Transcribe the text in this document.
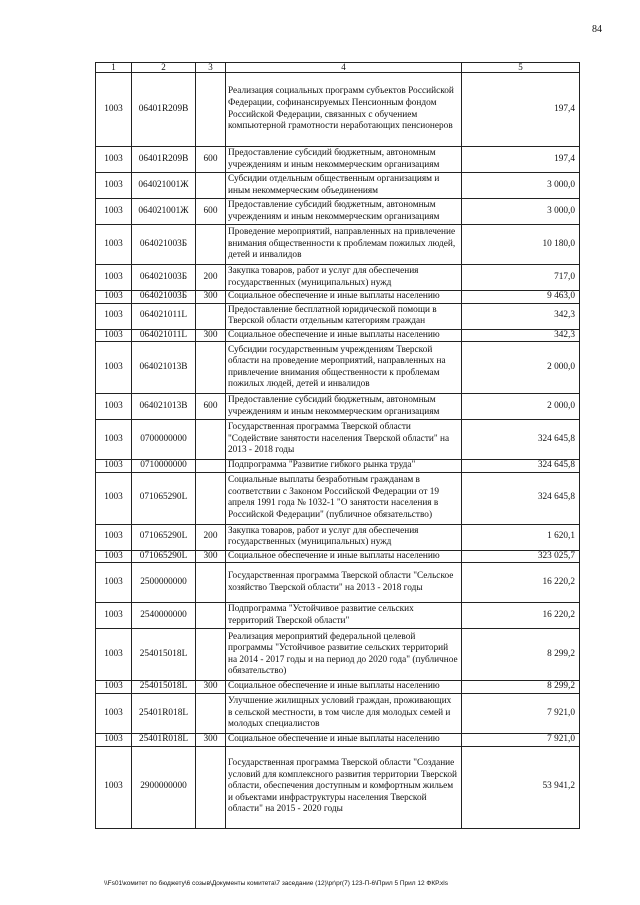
84
1	2	3	4	5
1003	06401R209В		Реализация социальных программ субъектов Российской Федерации, софинансируемых Пенсионным фондом Российской Федерации, связанных с обучением компьютерной грамотности неработающих пенсионеров	197,4
1003	06401R209В	600	Предоставление субсидий бюджетным, автономным учреждениям и иным некоммерческим организациям	197,4
1003	064021001Ж		Субсидии отдельным общественным организациям и иным некоммерческим объединениям	3 000,0
1003	064021001Ж	600	Предоставление субсидий бюджетным, автономным учреждениям и иным некоммерческим организациям	3 000,0
1003	064021003Б		Проведение мероприятий, направленных на привлечение внимания общественности к проблемам пожилых людей, детей и инвалидов	10 180,0
1003	064021003Б	200	Закупка товаров, работ и услуг для обеспечения государственных (муниципальных) нужд	717,0
1003	064021003Б	300	Социальное обеспечение и иные выплаты населению	9 463,0
1003	064021011L		Предоставление бесплатной юридической помощи в Тверской области отдельным категориям граждан	342,3
1003	064021011L	300	Социальное обеспечение и иные выплаты населению	342,3
1003	064021013В		Субсидии государственным учреждениям Тверской области на проведение мероприятий, направленных на привлечение внимания общественности к проблемам пожилых людей, детей и инвалидов	2 000,0
1003	064021013В	600	Предоставление субсидий бюджетным, автономным учреждениям и иным некоммерческим организациям	2 000,0
1003	0700000000		Государственная программа Тверской области "Содействие занятости населения Тверской области" на 2013 - 2018 годы	324 645,8
1003	0710000000		Подпрограмма "Развитие гибкого рынка труда"	324 645,8
1003	071065290L		Социальные выплаты безработным гражданам в соответствии с Законом Российской Федерации от 19 апреля 1991 года № 1032-1 "О занятости населения в Российской Федерации" (публичное обязательство)	324 645,8
1003	071065290L	200	Закупка товаров, работ и услуг для обеспечения государственных (муниципальных) нужд	1 620,1
1003	071065290L	300	Социальное обеспечение и иные выплаты населению	323 025,7
1003	2500000000		Государственная программа Тверской области "Сельское хозяйство Тверской области" на 2013 - 2018 годы	16 220,2
1003	2540000000		Подпрограмма "Устойчивое развитие сельских территорий Тверской области"	16 220,2
1003	254015018L		Реализация мероприятий федеральной целевой программы "Устойчивое развитие сельских территорий на 2014 - 2017 годы и на период до 2020 года" (публичное обязательство)	8 299,2
1003	254015018L	300	Социальное обеспечение и иные выплаты населению	8 299,2
1003	25401R018L		Улучшение жилищных условий граждан, проживающих в сельской местности, в том числе для молодых семей и молодых специалистов	7 921,0
1003	25401R018L	300	Социальное обеспечение и иные выплаты населению	7 921,0
1003	2900000000		Государственная программа Тверской области "Создание условий для комплексного развития территории Тверской области, обеспечения доступным и комфортным жильем и объектами инфраструктуры населения Тверской области" на 2015 - 2020 годы	53 941,2
\\Fs01\комитет по бюджету\6 созыв\Документы комитета\7 заседание (12)\pr\pr(7) 123-П-6\Прил 5 Прил 12 ФКР.xls
